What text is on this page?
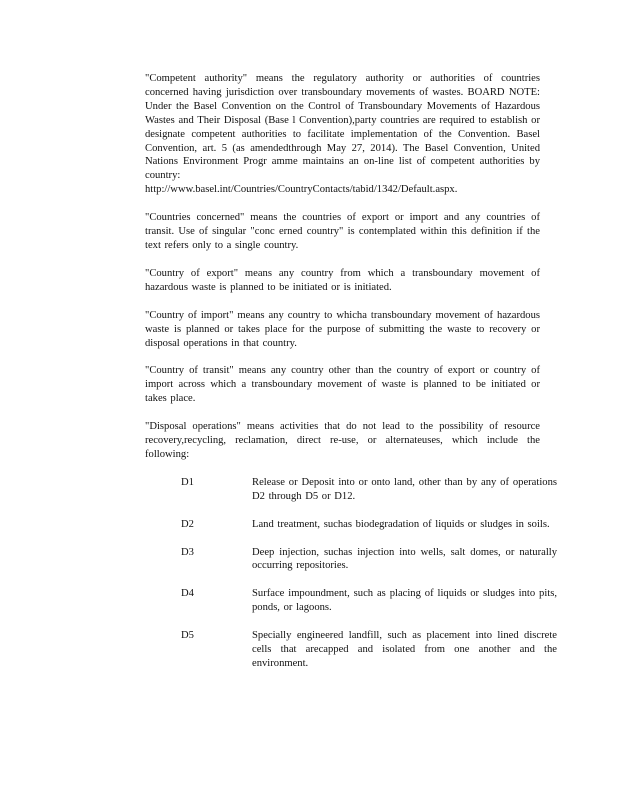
"Competent authority" means the regulatory authority or authorities of countries concerned having jurisdiction over transboundary movements of wastes. BOARD NOTE: Under the Basel Convention on the Control of Transboundary Movements of Hazardous Wastes and Their Disposal (Base l Convention),party countries are required to establish or designate competent authorities to facilitate implementation of the Convention. Basel Convention, art. 5 (as amendedthrough May 27, 2014). The Basel Convention, United Nations Environment Progr amme maintains an on-line list of competent authorities by country:
http://www.basel.int/Countries/CountryContacts/tabid/1342/Default.aspx.

"Countries concerned" means the countries of export or import and any countries of transit. Use of singular "conc erned country" is contemplated within this definition if the text refers only to a single country.

"Country of export" means any country from which a transboundary movement of hazardous waste is planned to be initiated or is initiated.

"Country of import" means any country to whicha transboundary movement of hazardous waste is planned or takes place for the purpose of submitting the waste to recovery or disposal operations in that country.

"Country of transit" means any country other than the country of export or country of import across which a transboundary movement of waste is planned to be initiated or takes place.

"Disposal operations" means activities that do not lead to the possibility of resource recovery,recycling, reclamation, direct re-use, or alternateuses, which include the following:

D1	Release or Deposit into or onto land, other than by any of operations D2 through D5 or D12.
D2	Land treatment, suchas biodegradation of liquids or sludges in soils.
D3	Deep injection, suchas injection into wells, salt domes, or naturally occurring repositories.
D4	Surface impoundment, such as placing of liquids or sludges into pits, ponds, or lagoons.
D5	Specially engineered landfill, such as placement into lined discrete cells that arecapped and isolated from one another and the environment.
